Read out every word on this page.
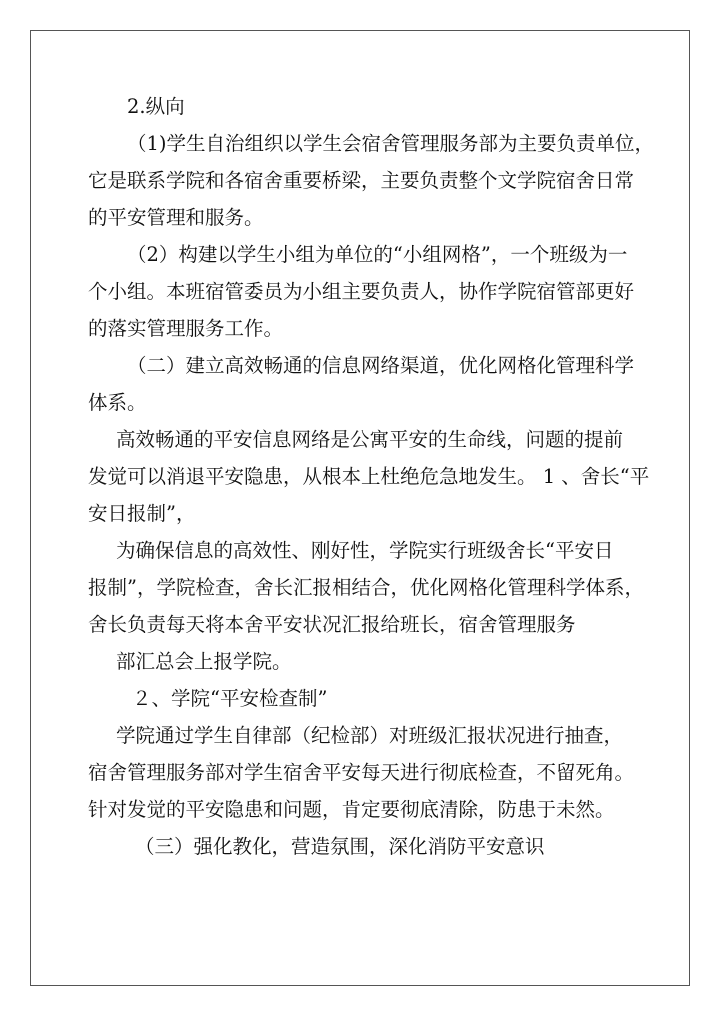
2.纵向
（1)学生自治组织以学生会宿舍管理服务部为主要负责单位，
它是联系学院和各宿舍重要桥梁，主要负责整个文学院宿舍日常
的平安管理和服务。
（2）构建以学生小组为单位的“小组网格”，一个班级为一
个小组。本班宿管委员为小组主要负责人，协作学院宿管部更好
的落实管理服务工作。
（二）建立高效畅通的信息网络渠道，优化网格化管理科学
体系。
高效畅通的平安信息网络是公寓平安的生命线，问题的提前
发觉可以消退平安隐患，从根本上杜绝危急地发生。 1 、舍长“平
安日报制”，
为确保信息的高效性、刚好性，学院实行班级舍长“平安日
报制”，学院检查，舍长汇报相结合，优化网格化管理科学体系，
舍长负责每天将本舍平安状况汇报给班长，宿舍管理服务
部汇总会上报学院。
２、学院“平安检查制”
学院通过学生自律部（纪检部）对班级汇报状况进行抽查，
宿舍管理服务部对学生宿舍平安每天进行彻底检查，不留死角。
针对发觉的平安隐患和问题，肯定要彻底清除，防患于未然。
（三）强化教化，营造氛围，深化消防平安意识
